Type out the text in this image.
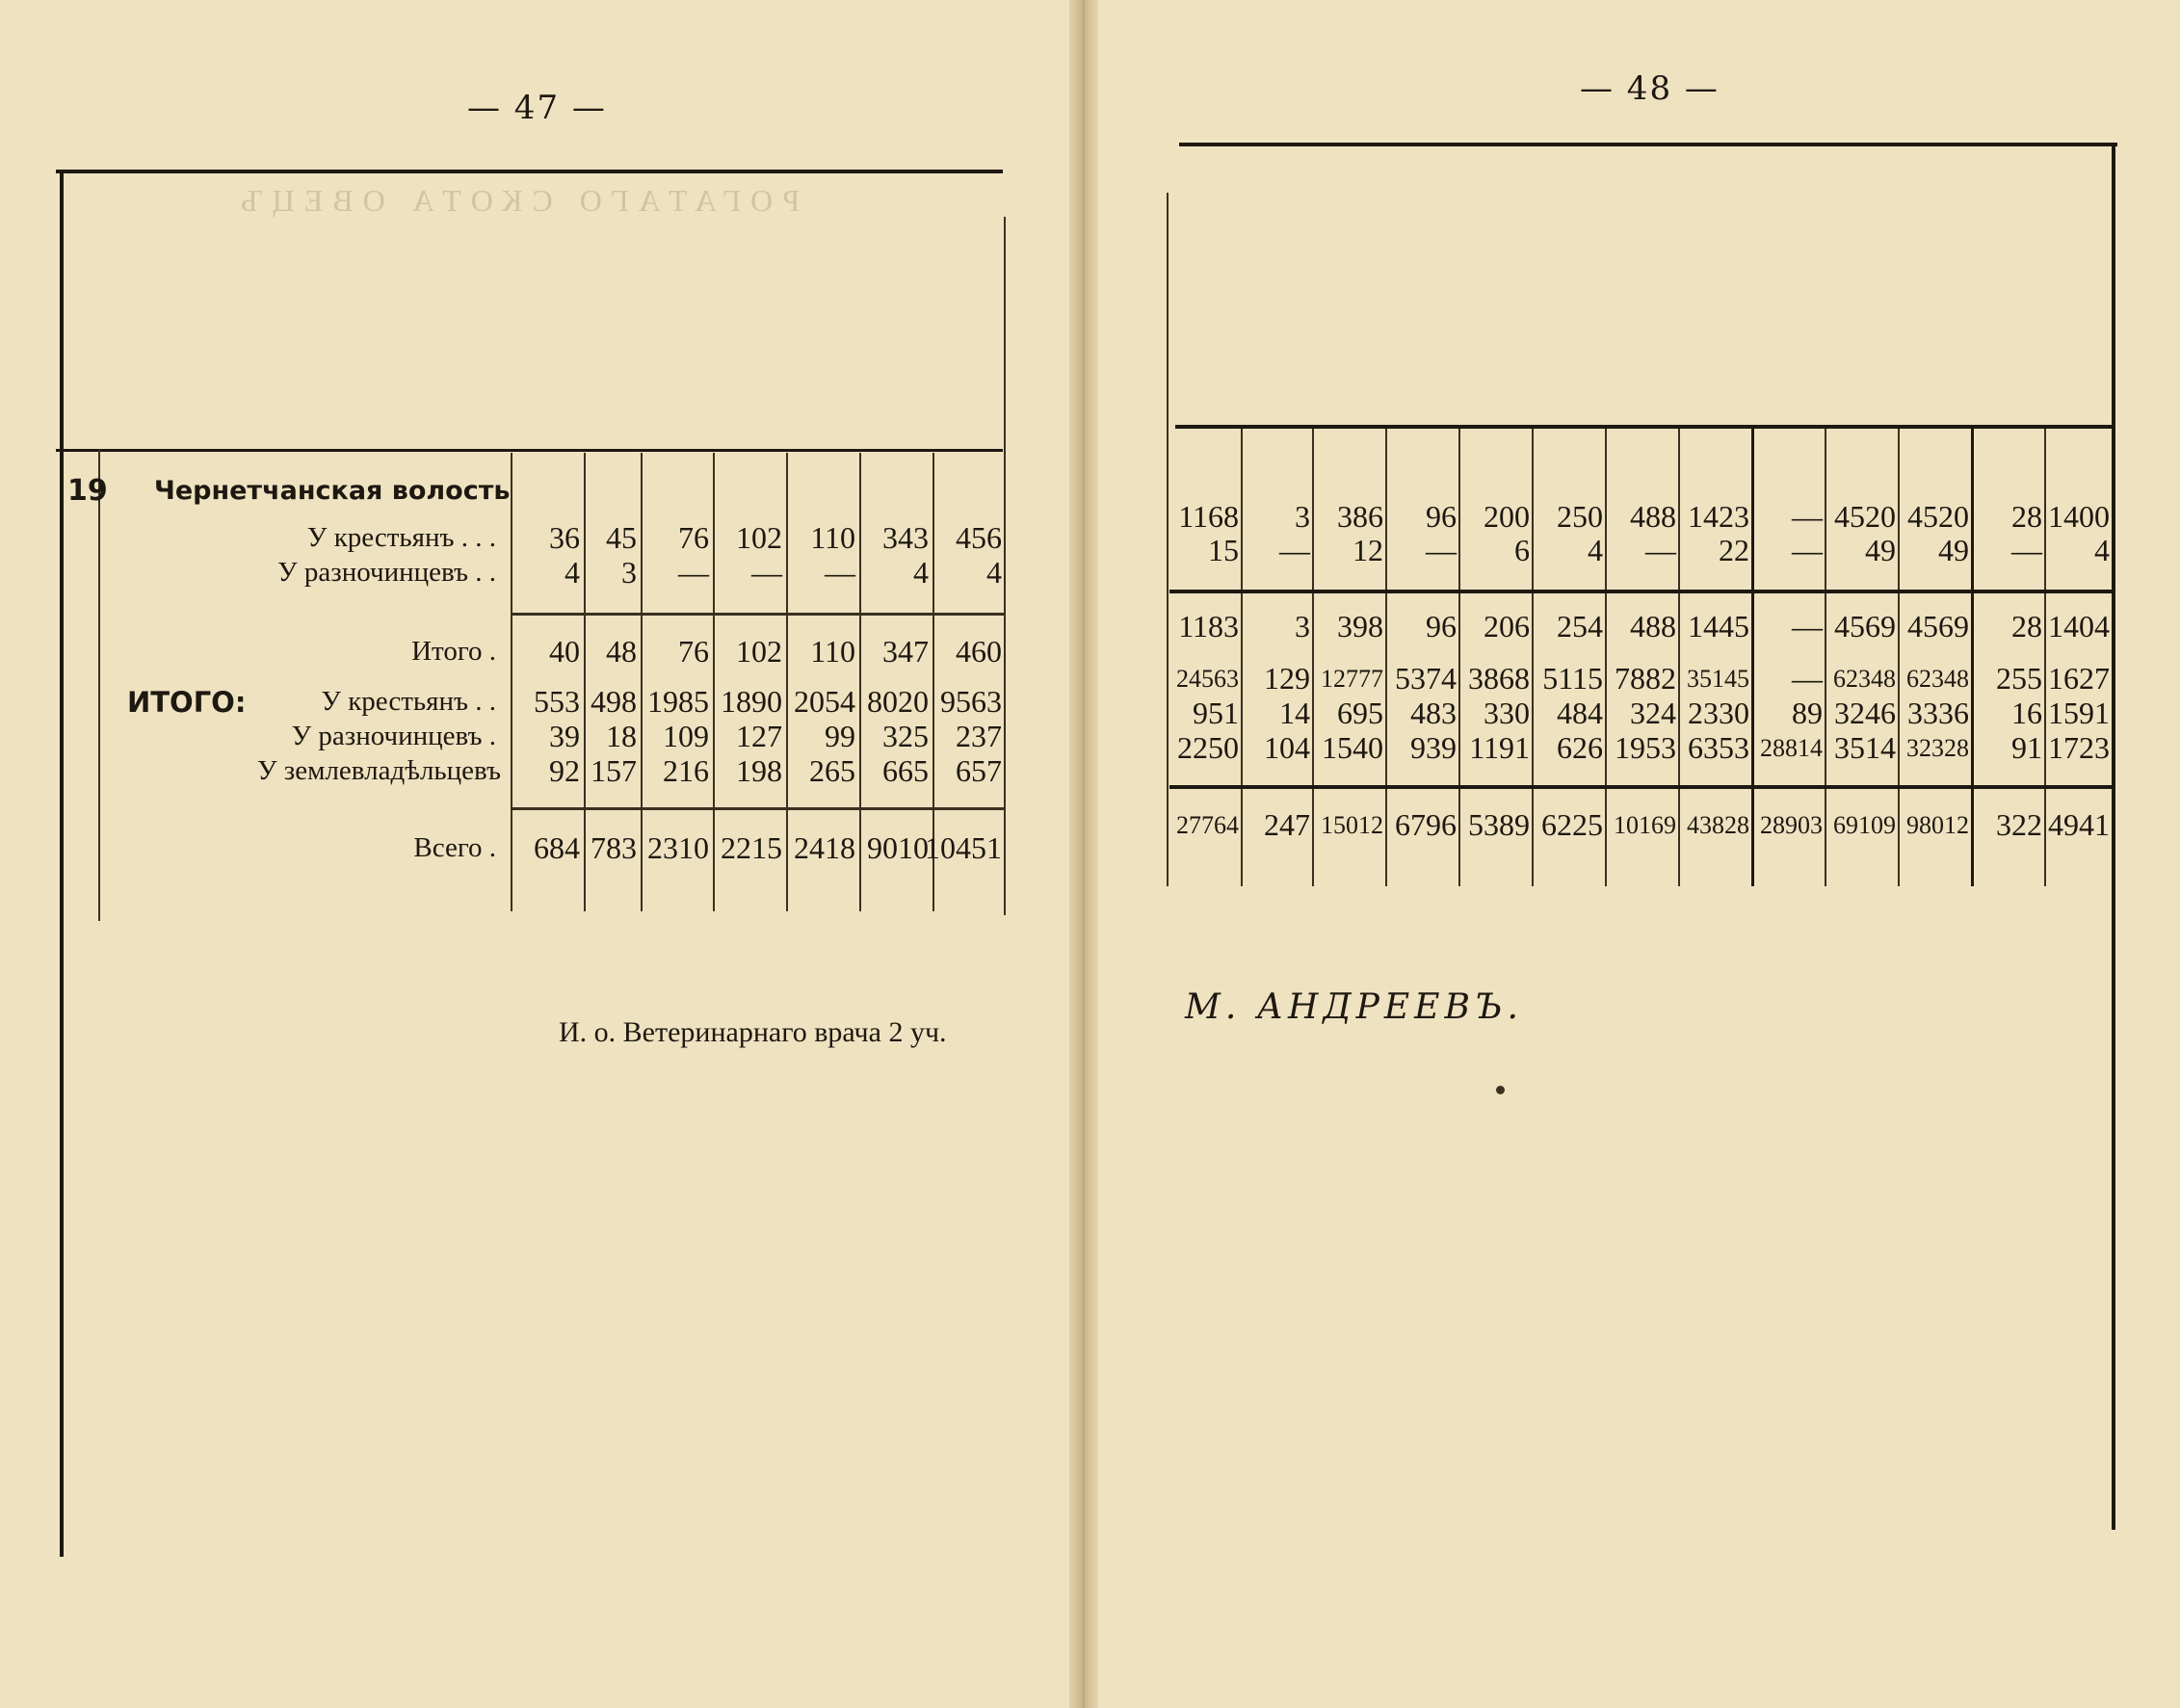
— 47 —
РОГАТАГО СКОТА ОВЕЦЪ
19 Чернетчанская волость
У крестьянъ . . . 36 45 76 102 110 343 456
У разночинцевъ . . 4 3 — — — 4 4
Итого . 40 48 76 102 110 347 460
У крестьянъ . . 553 498 1985 1890 2054 8020 9563
У разночинцевъ . 39 18 109 127 99 325 237
У землевладѣльцевъ 92 157 216 198 265 665 657
Всего . 684 783 2310 2215 2418 9010
10451
ИТОГО:
И. о. Ветеринарнаго врача 2 уч.
— 48 —
1168 3 386 96 200 250 488 1423 — 4520 4520 28 1400
15 — 12 — 6 4 — 22 — 49 49 — 4
1183 3 398 96 206 254 488 1445 — 4569 4569 28 1404
24563 129 12777 5374 3868 5115 7882 35145 — 62348 62348 255 1627
951 14 695 483 330 484 324 2330 89 3246 3336 16 1591
2250 104 1540 939 1191 626 1953 6353 28814 3514 32328 91 1723
27764 247 15012 6796 5389 6225 10169 43828 28903 69109 98012 322 4941
М. АНДРЕЕВЪ.
